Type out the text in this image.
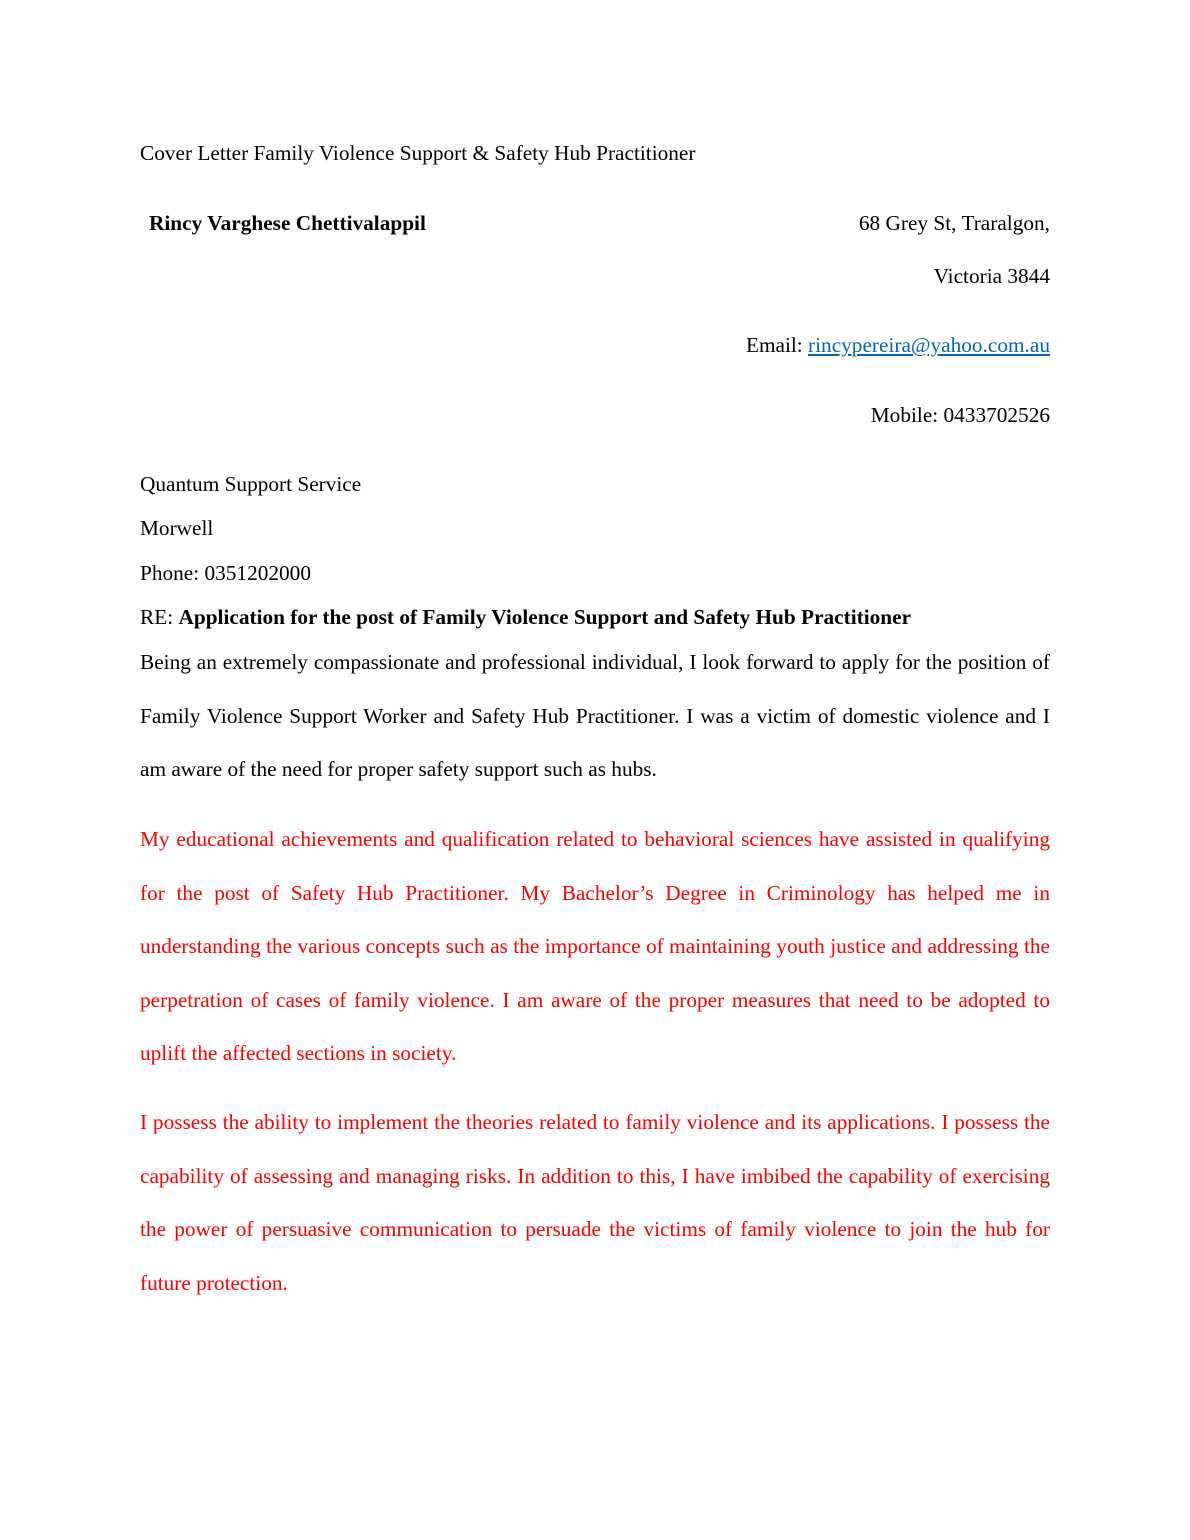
Cover Letter Family Violence Support & Safety Hub Practitioner
Rincy Varghese Chettivalappil	68 Grey St, Traralgon,
Victoria 3844
Email: rincypereira@yahoo.com.au
Mobile: 0433702526
Quantum Support Service
Morwell
Phone: 0351202000
RE: Application for the post of Family Violence Support and Safety Hub Practitioner

Being an extremely compassionate and professional individual, I look forward to apply for the position of Family Violence Support Worker and Safety Hub Practitioner. I was a victim of domestic violence and I am aware of the need for proper safety support such as hubs.

My educational achievements and qualification related to behavioral sciences have assisted in qualifying for the post of Safety Hub Practitioner. My Bachelor’s Degree in Criminology has helped me in understanding the various concepts such as the importance of maintaining youth justice and addressing the perpetration of cases of family violence. I am aware of the proper measures that need to be adopted to uplift the affected sections in society.

I possess the ability to implement the theories related to family violence and its applications. I possess the capability of assessing and managing risks. In addition to this, I have imbibed the capability of exercising the power of persuasive communication to persuade the victims of family violence to join the hub for future protection.
